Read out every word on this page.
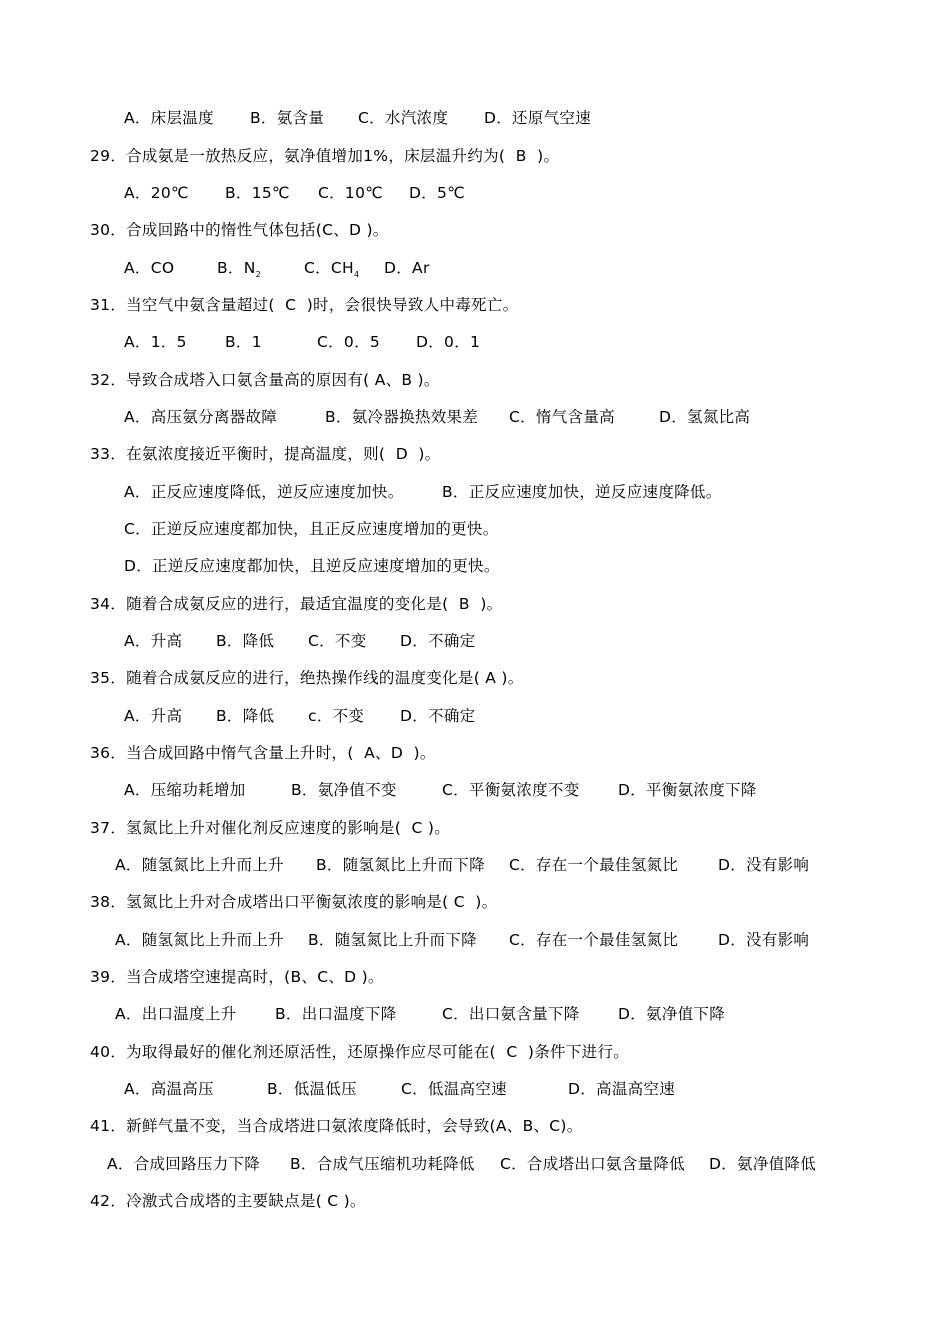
A．床层温度

B．氨含量

C．水汽浓度

D．还原气空速

29．合成氨是一放热反应，氨净值增加1%，床层温升约为(  B  )。

A．20℃

B．15℃

C．10℃

D．5℃

30．合成回路中的惰性气体包括(C、D )。

A．CO

	B．$N_2$

	C．$CH_4$

D．Ar

31．当空气中氨含量超过(  C  )时，会很快导致人中毒死亡。

A．1．5

B．1

	C．0．5

D．0．1

32．导致合成塔入口氨含量高的原因有( A、B )。

A．高压氨分离器故障

	B．氨冷器换热效果差

C．惰气含量高

	D．氢氮比高

33．在氨浓度接近平衡时，提高温度，则(  D  )。

A．正反应速度降低，逆反应速度加快。

B．正反应速度加快，逆反应速度降低。

C．正逆反应速度都加快，且正反应速度增加的更快。
D．正逆反应速度都加快，且逆反应速度增加的更快。
34．随着合成氨反应的进行，最适宜温度的变化是(  B  )。

A．升高

B．降低

C．不变

D．不确定

35．随着合成氨反应的进行，绝热操作线的温度变化是( A )。

A．升高

B．降低

c．不变

D．不确定

36．当合成回路中惰气含量上升时，(  A、D  )。

A．压缩功耗增加

	B．氨净值不变

	C．平衡氨浓度不变

D．平衡氨浓度下降

37．氢氮比上升对催化剂反应速度的影响是(  C )。

A．随氢氮比上升而上升

B．随氢氮比上升而下降

C．存在一个最佳氢氮比

	D．没有影响

38．氢氮比上升对合成塔出口平衡氨浓度的影响是( C  )。

A．随氢氮比上升而上升

B．随氢氮比上升而下降

C．存在一个最佳氢氮比

	D．没有影响

39．当合成塔空速提高时，(B、C、D )。

A．出口温度上升

B．出口温度下降

	C．出口氨含量下降

D．氨净值下降

40．为取得最好的催化剂还原活性，还原操作应尽可能在(  C  )条件下进行。

A．高温高压

	B．低温低压

	C．低温高空速

	D．高温高空速

41．新鲜气量不变，当合成塔进口氨浓度降低时，会导致(A、B、C)。

A．合成回路压力下降

B．合成气压缩机功耗降低

C．合成塔出口氨含量降低

D．氨净值降低

42．冷激式合成塔的主要缺点是( C )。
